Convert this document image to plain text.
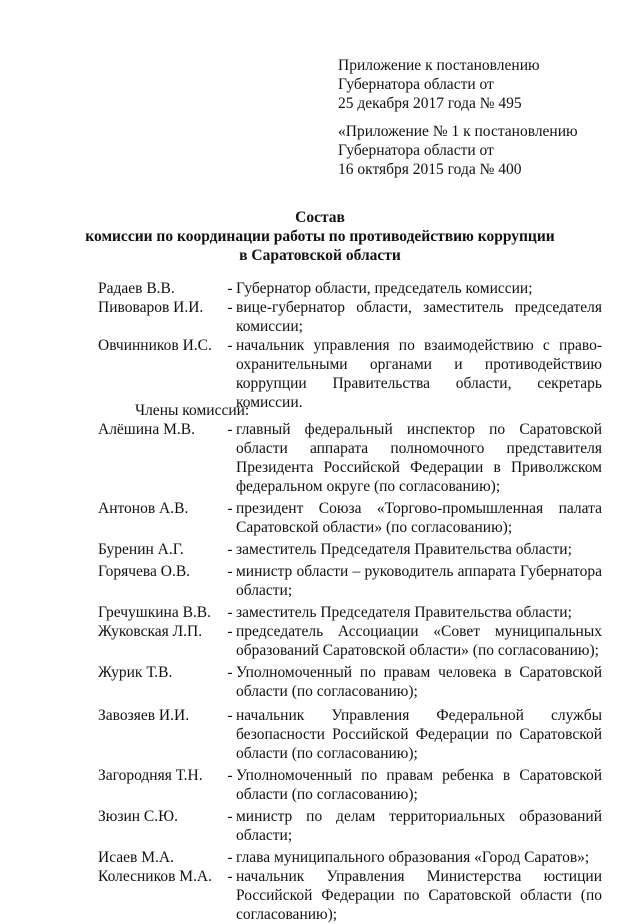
Приложение к постановлению
Губернатора области от
25 декабря 2017 года № 495
«Приложение № 1 к постановлению
Губернатора области от
16 октября 2015 года № 400
Состав
комиссии по координации работы по противодействию коррупции
в Саратовской области
Радаев В.В.	- Губернатор области, председатель комиссии;
Пивоваров И.И.	- вице-губернатор области, заместитель председателя комиссии;
Овчинников И.С.	- начальник управления по взаимодействию с право-охранительными органами и противодействию коррупции Правительства области, секретарь комиссии.
Члены комиссии:
Алёшина М.В.	- главный федеральный инспектор по Саратовской области аппарата полномочного представителя Президента Российской Федерации в Приволжском федеральном округе (по согласованию);
Антонов А.В.	- президент Союза «Торгово-промышленная палата Саратовской области» (по согласованию);
Буренин А.Г.	- заместитель Председателя Правительства области;
Горячева О.В.	- министр области – руководитель аппарата Губернатора области;
Гречушкина В.В.	- заместитель Председателя Правительства области;
Жуковская Л.П.	- председатель Ассоциации «Совет муниципальных образований Саратовской области» (по согласованию);
Журик Т.В.	- Уполномоченный по правам человека в Саратовской области (по согласованию);
Завозяев И.И.	- начальник Управления Федеральной службы безопасности Российской Федерации по Саратовской области (по согласованию);
Загородняя Т.Н.	- Уполномоченный по правам ребенка в Саратовской области (по согласованию);
Зюзин С.Ю.	- министр по делам территориальных образований области;
Исаев М.А.	- глава муниципального образования «Город Саратов»;
Колесников М.А. - начальник Управления Министерства юстиции Российской Федерации по Саратовской области (по согласованию);
